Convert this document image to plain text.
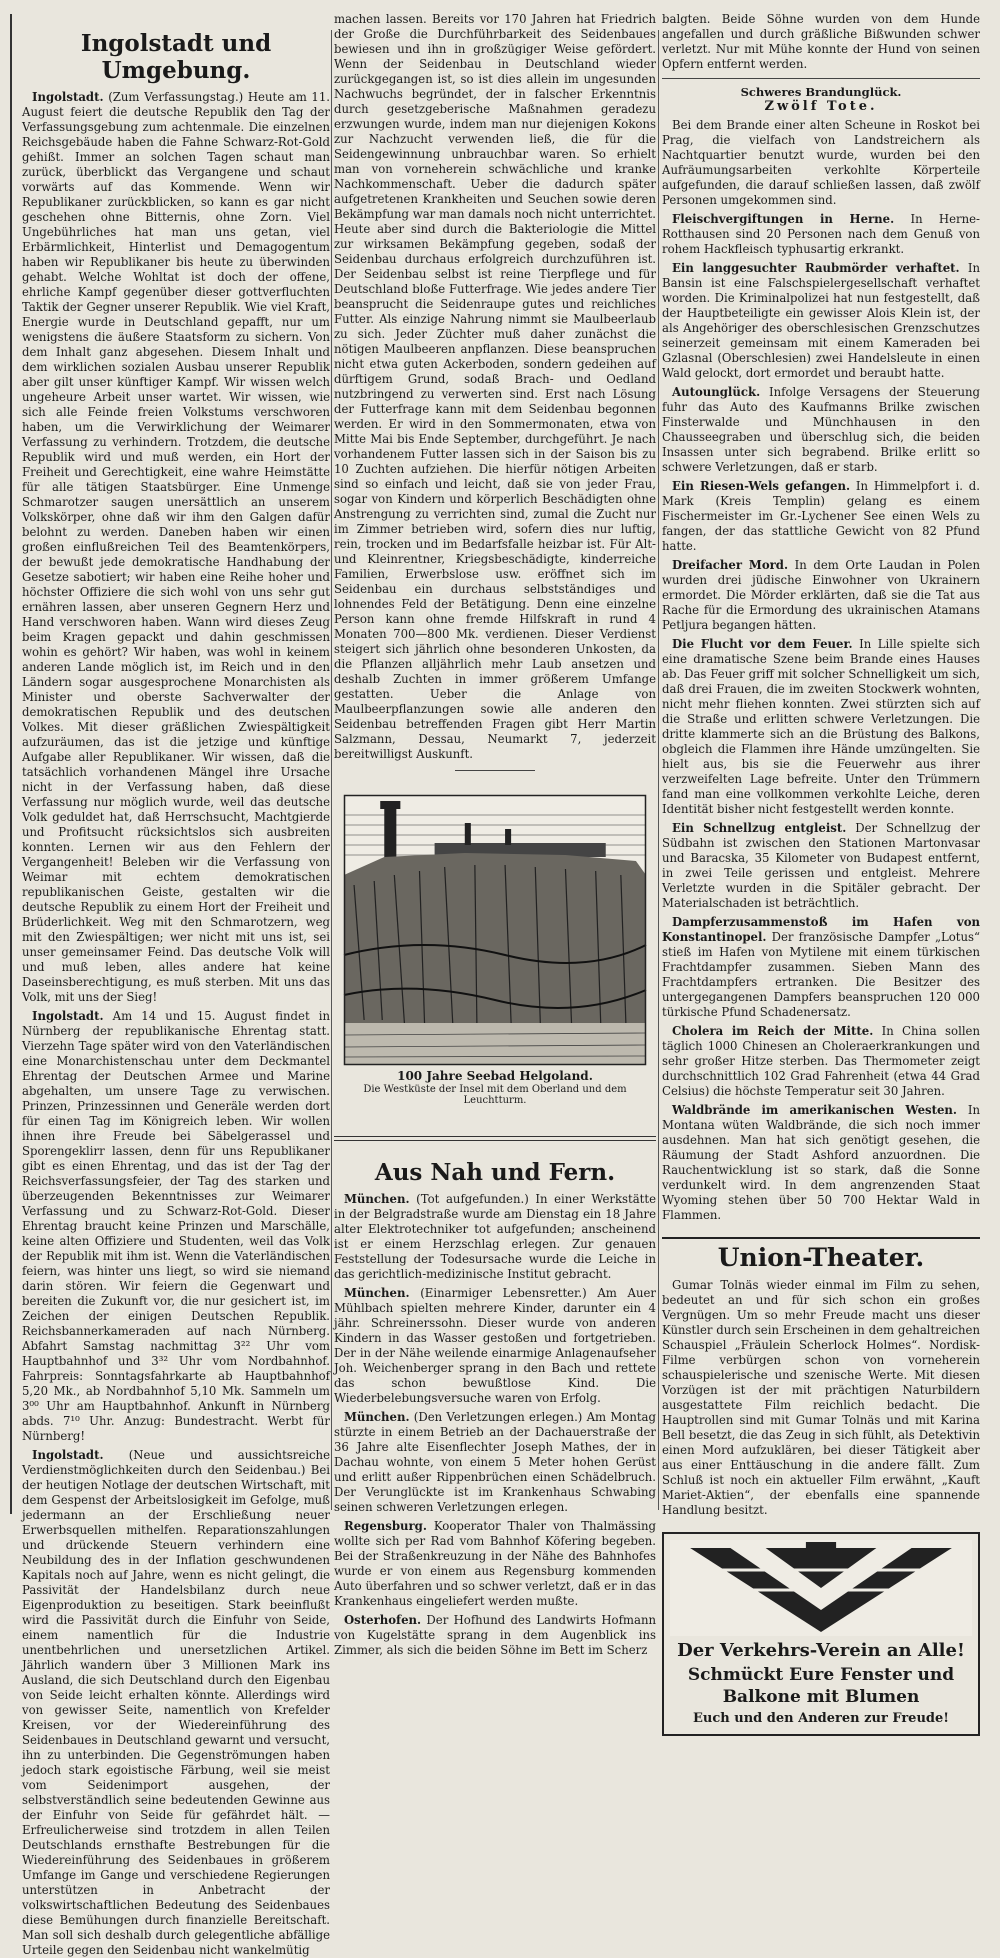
Ingolstadt und Umgebung.

Ingolstadt. (Zum Verfassungstag.) Heute am 11. August feiert die deutsche Republik den Tag der Verfassungsgebung zum achtenmale. Die einzelnen Reichsgebäude haben die Fahne Schwarz-Rot-Gold gehißt. Immer an solchen Tagen schaut man zurück, überblickt das Vergangene und schaut vorwärts auf das Kommende. Wenn wir Republikaner zurückblicken, so kann es gar nicht geschehen ohne Bitternis, ohne Zorn. Viel Ungebührliches hat man uns getan, viel Erbärmlichkeit, Hinterlist und Demagogentum haben wir Republikaner bis heute zu überwinden gehabt. Welche Wohltat ist doch der offene, ehrliche Kampf gegenüber dieser gottverfluchten Taktik der Gegner unserer Republik. Wie viel Kraft, Energie wurde in Deutschland gepafft, nur um wenigstens die äußere Staatsform zu sichern. Von dem Inhalt ganz abgesehen. Diesem Inhalt und dem wirklichen sozialen Ausbau unserer Republik aber gilt unser künftiger Kampf. Wir wissen welch ungeheure Arbeit unser wartet. Wir wissen, wie sich alle Feinde freien Volkstums verschworen haben, um die Verwirklichung der Weimarer Verfassung zu verhindern. Trotzdem, die deutsche Republik wird und muß werden, ein Hort der Freiheit und Gerechtigkeit, eine wahre Heimstätte für alle tätigen Staatsbürger. Eine Unmenge Schmarotzer saugen unersättlich an unserem Volkskörper, ohne daß wir ihm den Galgen dafür belohnt zu werden. Daneben haben wir einen großen einflußreichen Teil des Beamtenkörpers, der bewußt jede demokratische Handhabung der Gesetze sabotiert; wir haben eine Reihe hoher und höchster Offiziere die sich wohl von uns sehr gut ernähren lassen, aber unseren Gegnern Herz und Hand verschworen haben. Wann wird dieses Zeug beim Kragen gepackt und dahin geschmissen wohin es gehört? Wir haben, was wohl in keinem anderen Lande möglich ist, im Reich und in den Ländern sogar ausgesprochene Monarchisten als Minister und oberste Sachverwalter der demokratischen Republik und des deutschen Volkes. Mit dieser gräßlichen Zwiespältigkeit aufzuräumen, das ist die jetzige und künftige Aufgabe aller Republikaner. Wir wissen, daß die tatsächlich vorhandenen Mängel ihre Ursache nicht in der Verfassung haben, daß diese Verfassung nur möglich wurde, weil das deutsche Volk geduldet hat, daß Herrschsucht, Machtgierde und Profitsucht rücksichtslos sich ausbreiten konnten. Lernen wir aus den Fehlern der Vergangenheit! Beleben wir die Verfassung von Weimar mit echtem demokratischen republikanischen Geiste, gestalten wir die deutsche Republik zu einem Hort der Freiheit und Brüderlichkeit. Weg mit den Schmarotzern, weg mit den Zwiespältigen; wer nicht mit uns ist, sei unser gemeinsamer Feind. Das deutsche Volk will und muß leben, alles andere hat keine Daseinsberechtigung, es muß sterben. Mit uns das Volk, mit uns der Sieg!

Ingolstadt. Am 14 und 15. August findet in Nürnberg der republikanische Ehrentag statt. Vierzehn Tage später wird von den Vaterländischen eine Monarchistenschau unter dem Deckmantel Ehrentag der Deutschen Armee und Marine abgehalten, um unsere Tage zu verwischen. Prinzen, Prinzessinnen und Generäle werden dort für einen Tag im Königreich leben. Wir wollen ihnen ihre Freude bei Säbelgerassel und Sporengeklirr lassen, denn für uns Republikaner gibt es einen Ehrentag, und das ist der Tag der Reichsverfassungsfeier, der Tag des starken und überzeugenden Bekenntnisses zur Weimarer Verfassung und zu Schwarz-Rot-Gold. Dieser Ehrentag braucht keine Prinzen und Marschälle, keine alten Offiziere und Studenten, weil das Volk der Republik mit ihm ist. Wenn die Vaterländischen feiern, was hinter uns liegt, so wird sie niemand darin stören. Wir feiern die Gegenwart und bereiten die Zukunft vor, die nur gesichert ist, im Zeichen der einigen Deutschen Republik. Reichsbannerkameraden auf nach Nürnberg. Abfahrt Samstag nachmittag 3²² Uhr vom Hauptbahnhof und 3³² Uhr vom Nordbahnhof. Fahrpreis: Sonntagsfahrkarte ab Hauptbahnhof 5,20 Mk., ab Nordbahnhof 5,10 Mk. Sammeln um 3⁰⁰ Uhr am Hauptbahnhof. Ankunft in Nürnberg abds. 7¹⁰ Uhr. Anzug: Bundestracht. Werbt für Nürnberg!

Ingolstadt. (Neue und aussichtsreiche Verdienstmöglichkeiten durch den Seidenbau.) Bei der heutigen Notlage der deutschen Wirtschaft, mit dem Gespenst der Arbeitslosigkeit im Gefolge, muß jedermann an der Erschließung neuer Erwerbsquellen mithelfen. Reparationszahlungen und drückende Steuern verhindern eine Neubildung des in der Inflation geschwundenen Kapitals noch auf Jahre, wenn es nicht gelingt, die Passivität der Handelsbilanz durch neue Eigenproduktion zu beseitigen. Stark beeinflußt wird die Passivität durch die Einfuhr von Seide, einem namentlich für die Industrie unentbehrlichen und unersetzlichen Artikel. Jährlich wandern über 3 Millionen Mark ins Ausland, die sich Deutschland durch den Eigenbau von Seide leicht erhalten könnte. Allerdings wird von gewisser Seite, namentlich von Krefelder Kreisen, vor der Wiedereinführung des Seidenbaues in Deutschland gewarnt und versucht, ihn zu unterbinden. Die Gegenströmungen haben jedoch stark egoistische Färbung, weil sie meist vom Seidenimport ausgehen, der selbstverständlich seine bedeutenden Gewinne aus der Einfuhr von Seide für gefährdet hält. — Erfreulicherweise sind trotzdem in allen Teilen Deutschlands ernsthafte Bestrebungen für die Wiedereinführung des Seidenbaues in größerem Umfange im Gange und verschiedene Regierungen unterstützen in Anbetracht der volkswirtschaftlichen Bedeutung des Seidenbaues diese Bemühungen durch finanzielle Bereitschaft. Man soll sich deshalb durch gelegentliche abfällige Urteile gegen den Seidenbau nicht wankelmütig

machen lassen. Bereits vor 170 Jahren hat Friedrich der Große die Durchführbarkeit des Seidenbaues bewiesen und ihn in großzügiger Weise gefördert. Wenn der Seidenbau in Deutschland wieder zurückgegangen ist, so ist dies allein im ungesunden Nachwuchs begründet, der in falscher Erkenntnis durch gesetzgeberische Maßnahmen geradezu erzwungen wurde, indem man nur diejenigen Kokons zur Nachzucht verwenden ließ, die für die Seidengewinnung unbrauchbar waren. So erhielt man von vorneherein schwächliche und kranke Nachkommenschaft. Ueber die dadurch später aufgetretenen Krankheiten und Seuchen sowie deren Bekämpfung war man damals noch nicht unterrichtet. Heute aber sind durch die Bakteriologie die Mittel zur wirksamen Bekämpfung gegeben, sodaß der Seidenbau durchaus erfolgreich durchzuführen ist. Der Seidenbau selbst ist reine Tierpflege und für Deutschland bloße Futterfrage. Wie jedes andere Tier beansprucht die Seidenraupe gutes und reichliches Futter. Als einzige Nahrung nimmt sie Maulbeerlaub zu sich. Jeder Züchter muß daher zunächst die nötigen Maulbeeren anpflanzen. Diese beanspruchen nicht etwa guten Ackerboden, sondern gedeihen auf dürftigem Grund, sodaß Brach- und Oedland nutzbringend zu verwerten sind. Erst nach Lösung der Futterfrage kann mit dem Seidenbau begonnen werden. Er wird in den Sommermonaten, etwa von Mitte Mai bis Ende September, durchgeführt. Je nach vorhandenem Futter lassen sich in der Saison bis zu 10 Zuchten aufziehen. Die hierfür nötigen Arbeiten sind so einfach und leicht, daß sie von jeder Frau, sogar von Kindern und körperlich Beschädigten ohne Anstrengung zu verrichten sind, zumal die Zucht nur im Zimmer betrieben wird, sofern dies nur luftig, rein, trocken und im Bedarfsfalle heizbar ist. Für Alt- und Kleinrentner, Kriegsbeschädigte, kinderreiche Familien, Erwerbslose usw. eröffnet sich im Seidenbau ein durchaus selbstständiges und lohnendes Feld der Betätigung. Denn eine einzelne Person kann ohne fremde Hilfskraft in rund 4 Monaten 700—800 Mk. verdienen. Dieser Verdienst steigert sich jährlich ohne besonderen Unkosten, da die Pflanzen alljährlich mehr Laub ansetzen und deshalb Zuchten in immer größerem Umfange gestatten. Ueber die Anlage von Maulbeerpflanzungen sowie alle anderen den Seidenbau betreffenden Fragen gibt Herr Martin Salzmann, Dessau, Neumarkt 7, jederzeit bereitwilligst Auskunft.

100 Jahre Seebad Helgoland.
Die Westküste der Insel mit dem Oberland und dem Leuchtturm.
Aus Nah und Fern.

München. (Tot aufgefunden.) In einer Werkstätte in der Belgradstraße wurde am Dienstag ein 18 Jahre alter Elektrotechniker tot aufgefunden; anscheinend ist er einem Herzschlag erlegen. Zur genauen Feststellung der Todesursache wurde die Leiche in das gerichtlich-medizinische Institut gebracht.

München. (Einarmiger Lebensretter.) Am Auer Mühlbach spielten mehrere Kinder, darunter ein 4 jähr. Schreinerssohn. Dieser wurde von anderen Kindern in das Wasser gestoßen und fortgetrieben. Der in der Nähe weilende einarmige Anlagenaufseher Joh. Weichenberger sprang in den Bach und rettete das schon bewußtlose Kind. Die Wiederbelebungsversuche waren von Erfolg.

München. (Den Verletzungen erlegen.) Am Montag stürzte in einem Betrieb an der Dachauerstraße der 36 Jahre alte Eisenflechter Joseph Mathes, der in Dachau wohnte, von einem 5 Meter hohen Gerüst und erlitt außer Rippenbrüchen einen Schädelbruch. Der Verunglückte ist im Krankenhaus Schwabing seinen schweren Verletzungen erlegen.

Regensburg. Kooperator Thaler von Thalmässing wollte sich per Rad vom Bahnhof Köfering begeben. Bei der Straßenkreuzung in der Nähe des Bahnhofes wurde er von einem aus Regensburg kommenden Auto überfahren und so schwer verletzt, daß er in das Krankenhaus eingeliefert werden mußte.

Osterhofen. Der Hofhund des Landwirts Hofmann von Kugelstätte sprang in dem Augenblick ins Zimmer, als sich die beiden Söhne im Bett im Scherz

balgten. Beide Söhne wurden von dem Hunde angefallen und durch gräßliche Bißwunden schwer verletzt. Nur mit Mühe konnte der Hund von seinen Opfern entfernt werden.

Schweres Brandunglück.
Zwölf Tote.

Bei dem Brande einer alten Scheune in Roskot bei Prag, die vielfach von Landstreichern als Nachtquartier benutzt wurde, wurden bei den Aufräumungsarbeiten verkohlte Körperteile aufgefunden, die darauf schließen lassen, daß zwölf Personen umgekommen sind.

Fleischvergiftungen in Herne. In Herne-Rotthausen sind 20 Personen nach dem Genuß von rohem Hackfleisch typhusartig erkrankt.

Ein langgesuchter Raubmörder verhaftet. In Bansin ist eine Falschspielergesellschaft verhaftet worden. Die Kriminalpolizei hat nun festgestellt, daß der Hauptbeteiligte ein gewisser Alois Klein ist, der als Angehöriger des oberschlesischen Grenzschutzes seinerzeit gemeinsam mit einem Kameraden bei Gzlasnal (Oberschlesien) zwei Handelsleute in einen Wald gelockt, dort ermordet und beraubt hatte.

Autounglück. Infolge Versagens der Steuerung fuhr das Auto des Kaufmanns Brilke zwischen Finsterwalde und Münchhausen in den Chausseegraben und überschlug sich, die beiden Insassen unter sich begrabend. Brilke erlitt so schwere Verletzungen, daß er starb.

Ein Riesen-Wels gefangen. In Himmelpfort i. d. Mark (Kreis Templin) gelang es einem Fischermeister im Gr.-Lychener See einen Wels zu fangen, der das stattliche Gewicht von 82 Pfund hatte.

Dreifacher Mord. In dem Orte Laudan in Polen wurden drei jüdische Einwohner von Ukrainern ermordet. Die Mörder erklärten, daß sie die Tat aus Rache für die Ermordung des ukrainischen Atamans Petljura begangen hätten.

Die Flucht vor dem Feuer. In Lille spielte sich eine dramatische Szene beim Brande eines Hauses ab. Das Feuer griff mit solcher Schnelligkeit um sich, daß drei Frauen, die im zweiten Stockwerk wohnten, nicht mehr fliehen konnten. Zwei stürzten sich auf die Straße und erlitten schwere Verletzungen. Die dritte klammerte sich an die Brüstung des Balkons, obgleich die Flammen ihre Hände umzüngelten. Sie hielt aus, bis sie die Feuerwehr aus ihrer verzweifelten Lage befreite. Unter den Trümmern fand man eine vollkommen verkohlte Leiche, deren Identität bisher nicht festgestellt werden konnte.

Ein Schnellzug entgleist. Der Schnellzug der Südbahn ist zwischen den Stationen Martonvasar und Baracska, 35 Kilometer von Budapest entfernt, in zwei Teile gerissen und entgleist. Mehrere Verletzte wurden in die Spitäler gebracht. Der Materialschaden ist beträchtlich.

Dampferzusammenstoß im Hafen von Konstantinopel. Der französische Dampfer „Lotus“ stieß im Hafen von Mytilene mit einem türkischen Frachtdampfer zusammen. Sieben Mann des Frachtdampfers ertranken. Die Besitzer des untergegangenen Dampfers beanspruchen 120 000 türkische Pfund Schadenersatz.

Cholera im Reich der Mitte. In China sollen täglich 1000 Chinesen an Choleraerkrankungen und sehr großer Hitze sterben. Das Thermometer zeigt durchschnittlich 102 Grad Fahrenheit (etwa 44 Grad Celsius) die höchste Temperatur seit 30 Jahren.

Waldbrände im amerikanischen Westen. In Montana wüten Waldbrände, die sich noch immer ausdehnen. Man hat sich genötigt gesehen, die Räumung der Stadt Ashford anzuordnen. Die Rauchentwicklung ist so stark, daß die Sonne verdunkelt wird. In dem angrenzenden Staat Wyoming stehen über 50 700 Hektar Wald in Flammen.

Union-Theater.

Gumar Tolnäs wieder einmal im Film zu sehen, bedeutet an und für sich schon ein großes Vergnügen. Um so mehr Freude macht uns dieser Künstler durch sein Erscheinen in dem gehaltreichen Schauspiel „Fräulein Scherlock Holmes“. Nordisk-Filme verbürgen schon von vorneherein schauspielerische und szenische Werte. Mit diesen Vorzügen ist der mit prächtigen Naturbildern ausgestattete Film reichlich bedacht. Die Hauptrollen sind mit Gumar Tolnäs und mit Karina Bell besetzt, die das Zeug in sich fühlt, als Detektivin einen Mord aufzuklären, bei dieser Tätigkeit aber aus einer Enttäuschung in die andere fällt. Zum Schluß ist noch ein aktueller Film erwähnt, „Kauft Mariet-Aktien“, der ebenfalls eine spannende Handlung besitzt.

Der Verkehrs-Verein an Alle!
Schmückt Eure Fenster und
Balkone mit Blumen
Euch und den Anderen zur Freude!
